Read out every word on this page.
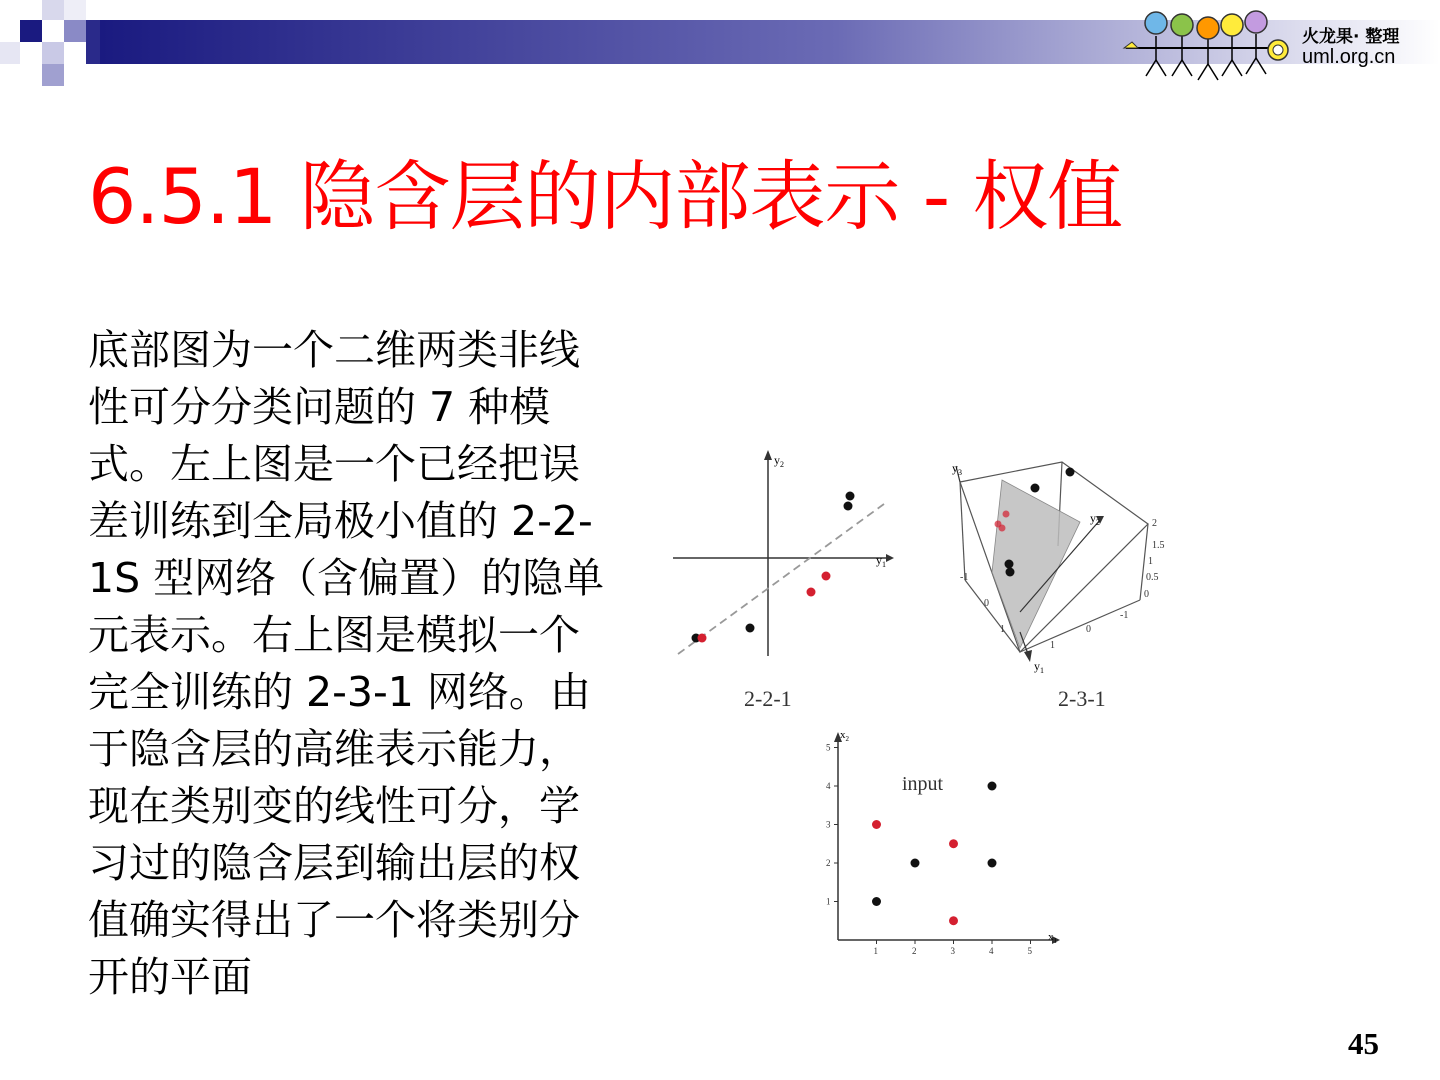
火龙果· 整理
uml.org.cn
6.5.1 隐含层的内部表示 - 权值
底部图为一个二维两类非线性可分分类问题的 7 种模式。左上图是一个已经把误差训练到全局极小值的 2-2-1S 型网络（含偏置）的隐单元表示。右上图是模拟一个完全训练的 2-3-1 网络。由于隐含层的高维表示能力，现在类别变的线性可分，学习过的隐含层到输出层的权值确实得出了一个将类别分开的平面
$y_1$
$y_2$
2-2-1
$y_3$
$y_2$
$y_1$
2
1.5
1
0.5
0
-1
0
1
1
0
-1
2-3-1
$x_1$
$x_2$
input
1	2	3	4	5
1
2
3
4
5
45
